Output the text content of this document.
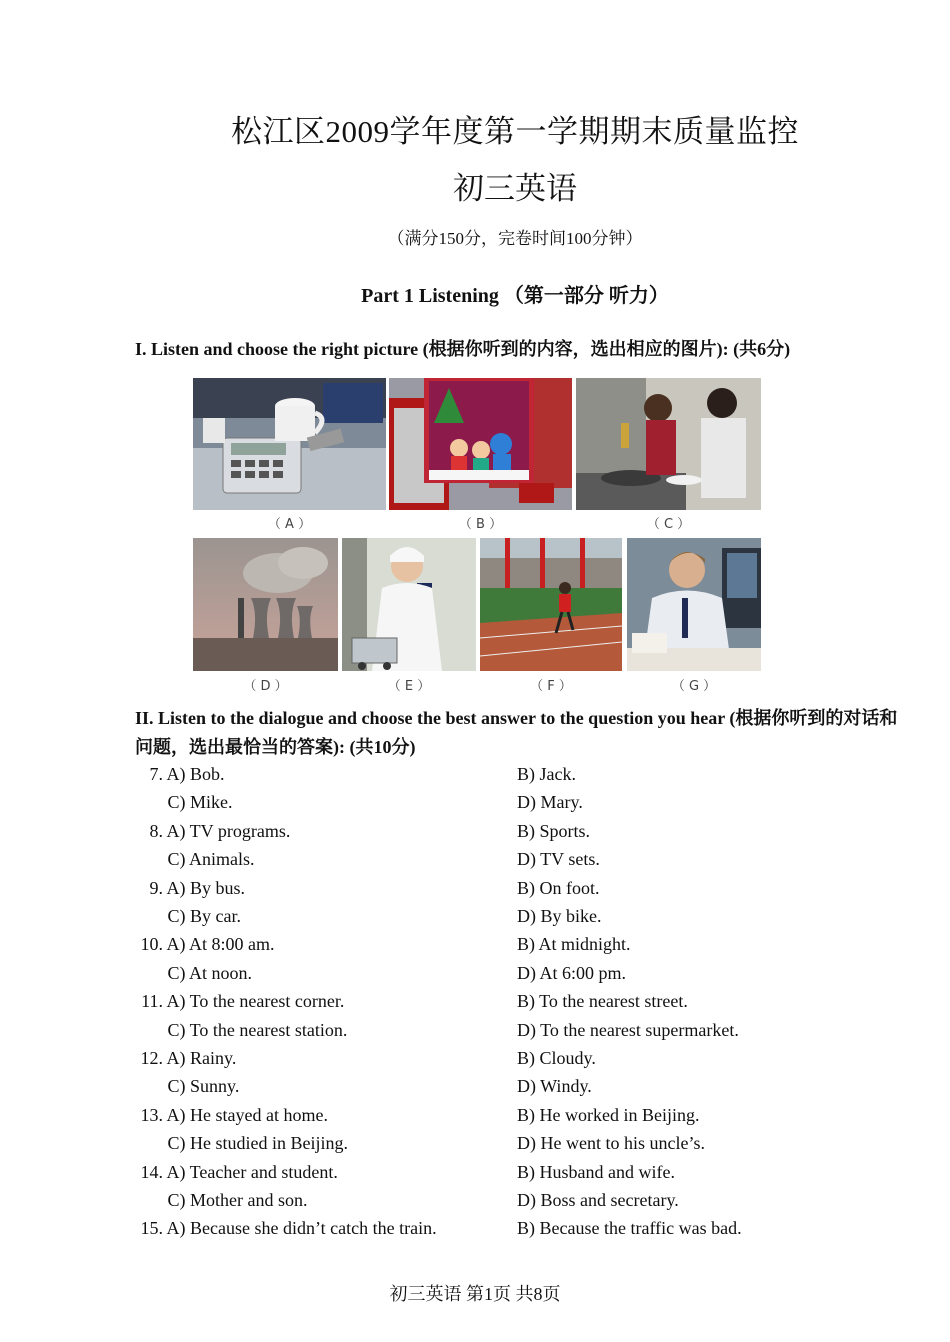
松江区2009学年度第一学期期末质量监控
初三英语
（满分150分，完卷时间100分钟）
Part 1 Listening （第一部分 听力）
I. Listen and choose the right picture (根据你听到的内容，选出相应的图片): (共6分)
（ A ）	（ B ）	（ C ）
（ D ）	（ E ）	（ F ）	（ G ）
II. Listen to the dialogue and choose the best answer to the question you hear (根据你听到的对话和问题，选出最恰当的答案): (共10分)
7. A) Bob.	B) Jack.
C) Mike.	D) Mary.
8. A) TV programs.	B) Sports.
C) Animals.	D) TV sets.
9. A) By bus.	B) On foot.
C) By car.	D) By bike.
10. A) At 8:00 am.	B) At midnight.
C) At noon.	D) At 6:00 pm.
11. A) To the nearest corner.	B) To the nearest street.
C) To the nearest station.	D) To the nearest supermarket.
12. A) Rainy.	B) Cloudy.
C) Sunny.	D) Windy.
13. A) He stayed at home.	B) He worked in Beijing.
C) He studied in Beijing.	D) He went to his uncle’s.
14. A) Teacher and student.	B) Husband and wife.
C) Mother and son.	D) Boss and secretary.
15. A) Because she didn’t catch the train.	B) Because the traffic was bad.
初三英语 第1页 共8页
